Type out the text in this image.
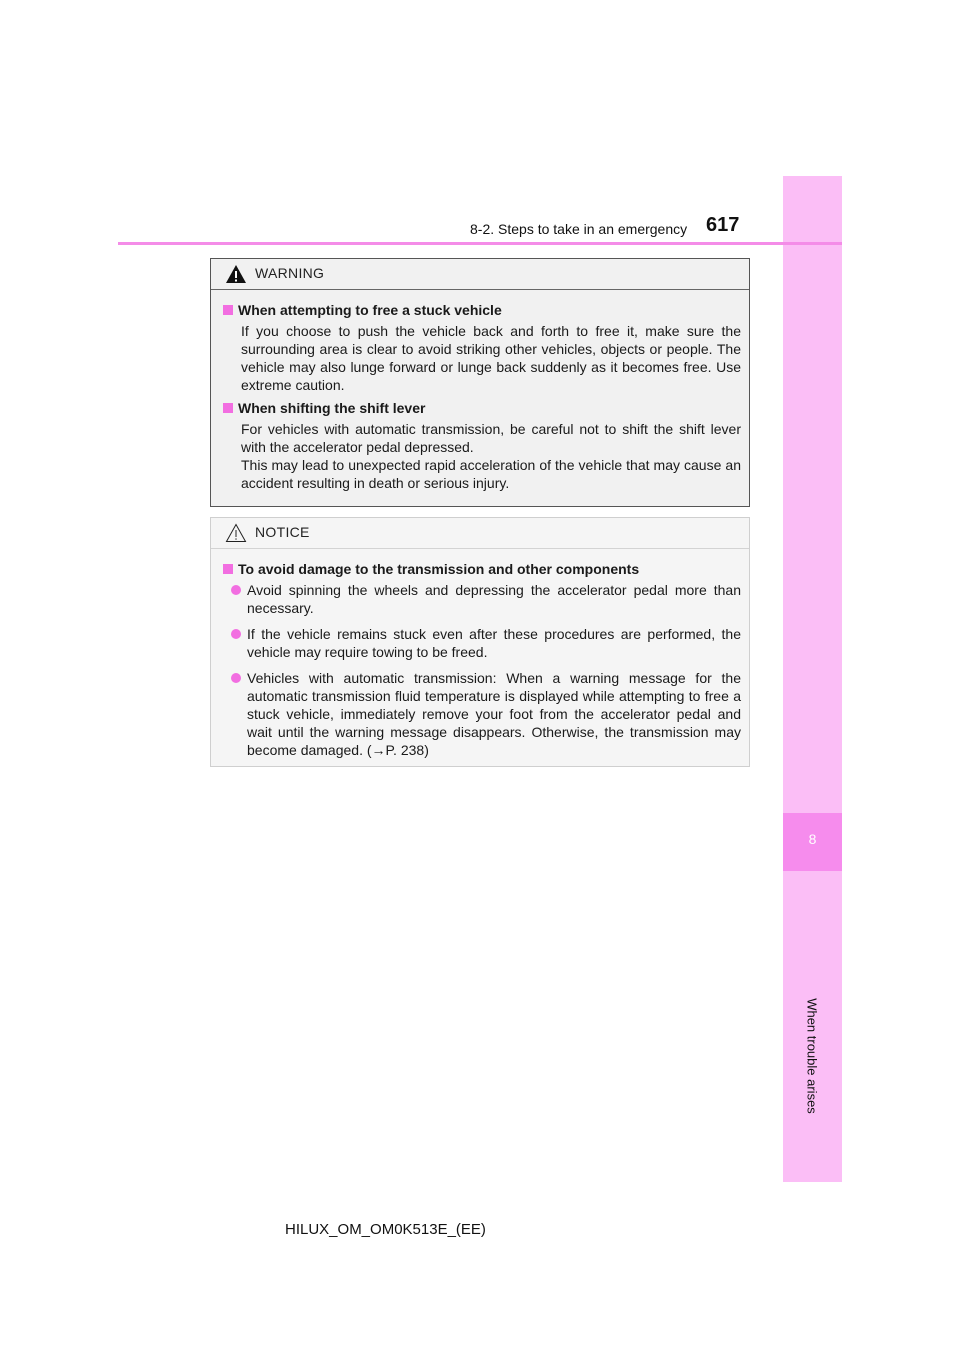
8
When trouble arises
8-2. Steps to take in an emergency 617
WARNING
When attempting to free a stuck vehicle

If you choose to push the vehicle back and forth to free it, make sure the surrounding area is clear to avoid striking other vehicles, objects or people. The vehicle may also lunge forward or lunge back suddenly as it becomes free. Use extreme caution.

When shifting the shift lever

For vehicles with automatic transmission, be careful not to shift the shift lever with the accelerator pedal depressed.

This may lead to unexpected rapid acceleration of the vehicle that may cause an accident resulting in death or serious injury.

NOTICE
To avoid damage to the transmission and other components
Avoid spinning the wheels and depressing the accelerator pedal more than necessary.
If the vehicle remains stuck even after these procedures are performed, the vehicle may require towing to be freed.
Vehicles with automatic transmission: When a warning message for the automatic transmission fluid temperature is displayed while attempting to free a stuck vehicle, immediately remove your foot from the accelerator pedal and wait until the warning message disappears. Otherwise, the transmission may become damaged. (→P. 238)
HILUX_OM_OM0K513E_(EE)
